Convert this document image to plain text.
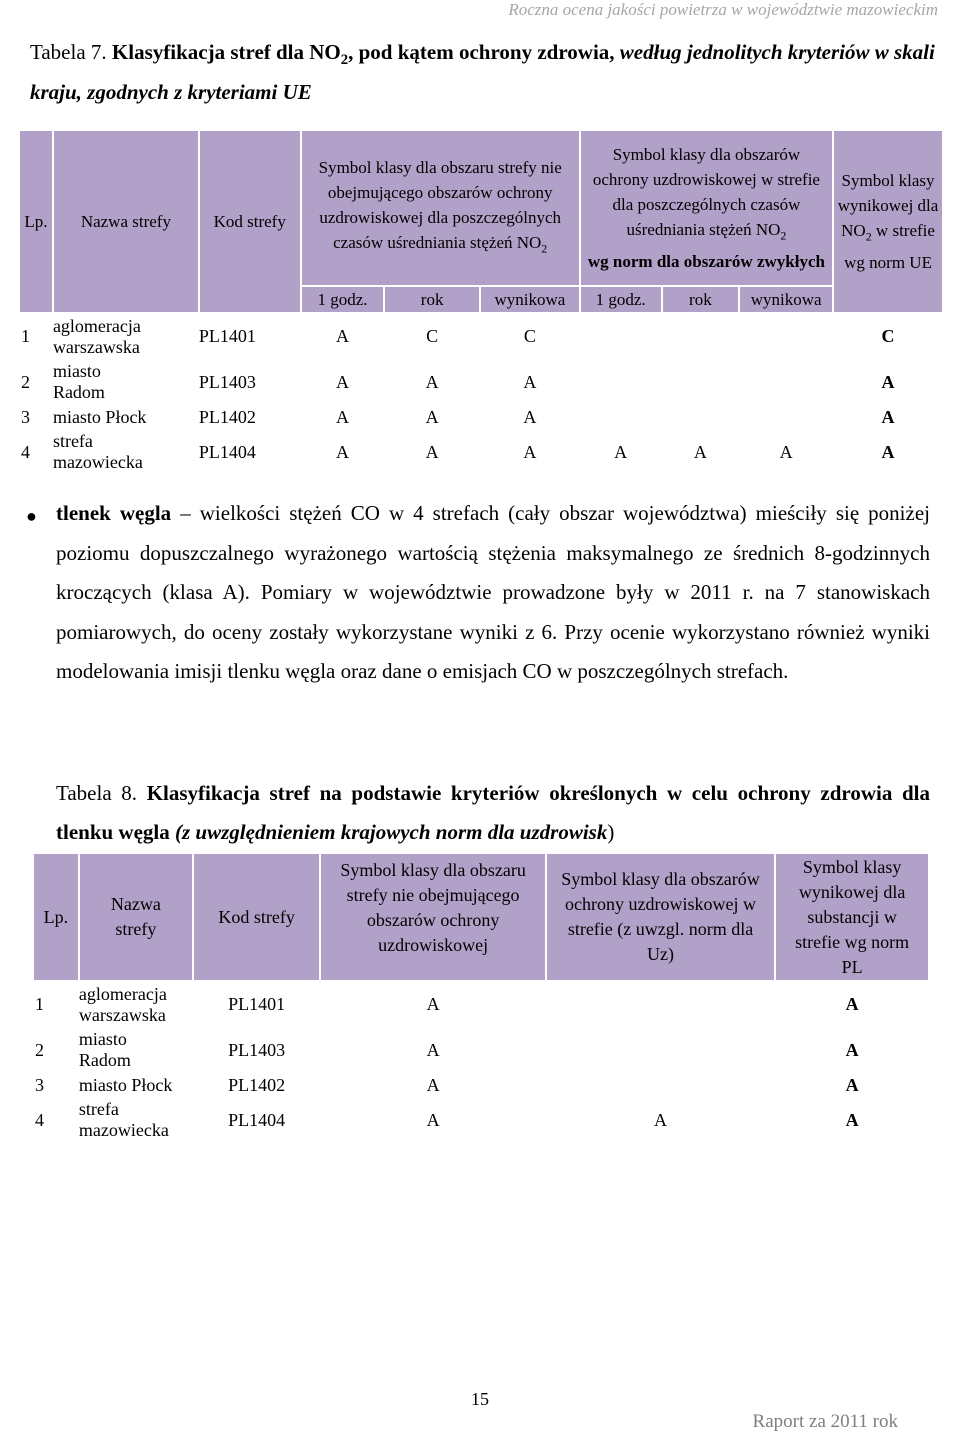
Roczna ocena jakości powietrza w województwie mazowieckim
Tabela 7. Klasyfikacja stref dla $NO_2$, pod kątem ochrony zdrowia, według jednolitych kryteriów w skali kraju, zgodnych z kryteriami UE
Lp.	Nazwa strefy	Kod strefy	Symbol klasy dla obszaru strefy nie obejmującego obszarów ochrony uzdrowiskowej dla poszczególnych czasów uśredniania stężeń $NO_2$			Symbol klasy dla obszarów ochrony uzdrowiskowej w strefie dla poszczególnych czasów uśredniania stężeń $NO_2$
wg norm dla obszarów zwykłych			Symbol klasy wynikowej dla $NO_2$ w strefie wg norm UE
			1 godz.	rok	wynikowa	1 godz.	rok	wynikowa	
1	aglomeracja warszawska	PL1401	A	C	C				C
2	miasto Radom	PL1403	A	A	A				A
3	miasto Płock	PL1402	A	A	A				A
4	strefa mazowiecka	PL1404	A	A	A	A	A	A	A
● tlenek węgla – wielkości stężeń CO w 4 strefach (cały obszar województwa) mieściły się poniżej poziomu dopuszczalnego wyrażonego wartością stężenia maksymalnego ze średnich 8-godzinnych kroczących (klasa A). Pomiary w województwie prowadzone były w 2011 r. na 7 stanowiskach pomiarowych, do oceny zostały wykorzystane wyniki z 6. Przy ocenie wykorzystano również wyniki modelowania imisji tlenku węgla oraz dane o emisjach CO w poszczególnych strefach.
Tabela 8. Klasyfikacja stref na podstawie kryteriów określonych w celu ochrony zdrowia dla tlenku węgla (z uwzględnieniem krajowych norm dla uzdrowisk)
Lp.	Nazwa strefy	Kod strefy	Symbol klasy dla obszaru strefy nie obejmującego obszarów ochrony uzdrowiskowej	Symbol klasy dla obszarów ochrony uzdrowiskowej w strefie (z uwzgl. norm dla Uz)	Symbol klasy wynikowej dla substancji w strefie wg norm PL
1	aglomeracja warszawska	PL1401	A		A
2	miasto Radom	PL1403	A		A
3	miasto Płock	PL1402	A		A
4	strefa mazowiecka	PL1404	A	A	A
15
Raport za 2011 rok
